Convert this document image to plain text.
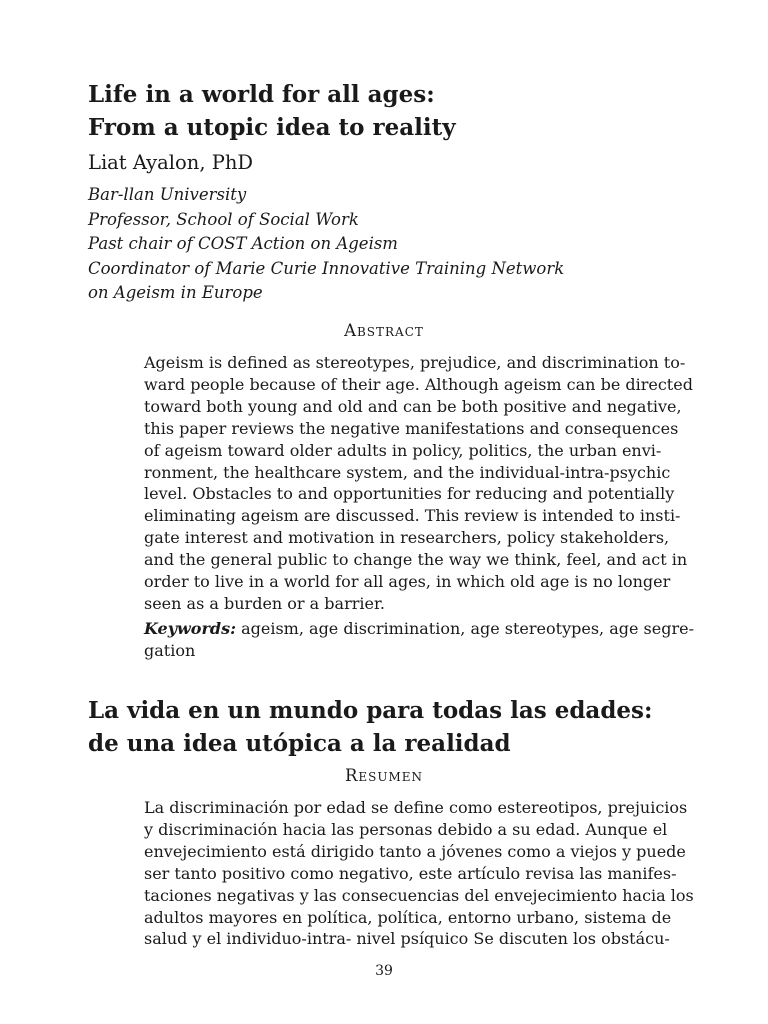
Life in a world for all ages:
From a utopic idea to reality
Liat Ayalon, PhD
Bar-llan University
Professor, School of Social Work
Past chair of COST Action on Ageism
Coordinator of Marie Curie Innovative Training Network
on Ageism in Europe
Abstract
Ageism is defined as stereotypes, prejudice, and discrimination to-
ward people because of their age. Although ageism can be directed
toward both young and old and can be both positive and negative,
this paper reviews the negative manifestations and consequences
of ageism toward older adults in policy, politics, the urban envi-
ronment, the healthcare system, and the individual-intra-psychic
level. Obstacles to and opportunities for reducing and potentially
eliminating ageism are discussed. This review is intended to insti-
gate interest and motivation in researchers, policy stakeholders,
and the general public to change the way we think, feel, and act in
order to live in a world for all ages, in which old age is no longer
seen as a burden or a barrier.
Keywords: ageism, age discrimination, age stereotypes, age segre-
gation
La vida en un mundo para todas las edades:
de una idea utópica a la realidad
Resumen
La discriminación por edad se define como estereotipos, prejuicios
y discriminación hacia las personas debido a su edad. Aunque el
envejecimiento está dirigido tanto a jóvenes como a viejos y puede
ser tanto positivo como negativo, este artículo revisa las manifes-
taciones negativas y las consecuencias del envejecimiento hacia los
adultos mayores en política, política, entorno urbano, sistema de
salud y el individuo-intra- nivel psíquico Se discuten los obstácu-
39
